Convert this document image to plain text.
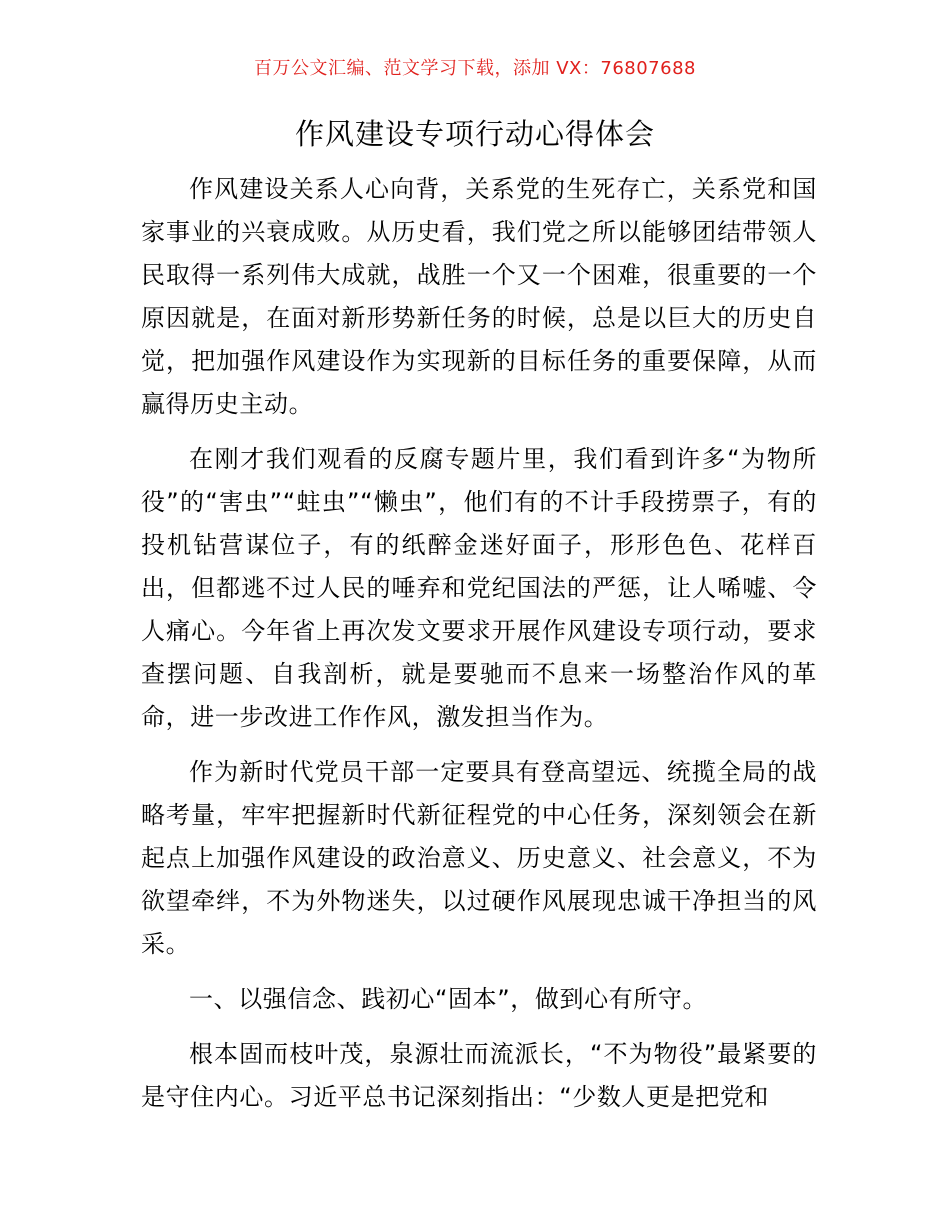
百万公文汇编、范文学习下载，添加 VX：76807688
作风建设专项行动心得体会

作风建设关系人心向背，关系党的生死存亡，关系党和国家事业的兴衰成败。从历史看，我们党之所以能够团结带领人民取得一系列伟大成就，战胜一个又一个困难，很重要的一个原因就是，在面对新形势新任务的时候，总是以巨大的历史自觉，把加强作风建设作为实现新的目标任务的重要保障，从而赢得历史主动。

在刚才我们观看的反腐专题片里，我们看到许多“为物所役”的“害虫”“蛀虫”“懒虫”，他们有的不计手段捞票子，有的投机钻营谋位子，有的纸醉金迷好面子，形形色色、花样百出，但都逃不过人民的唾弃和党纪国法的严惩，让人唏嘘、令人痛心。今年省上再次发文要求开展作风建设专项行动，要求查摆问题、自我剖析，就是要驰而不息来一场整治作风的革命，进一步改进工作作风，激发担当作为。

作为新时代党员干部一定要具有登高望远、统揽全局的战略考量，牢牢把握新时代新征程党的中心任务，深刻领会在新起点上加强作风建设的政治意义、历史意义、社会意义，不为欲望牵绊，不为外物迷失，以过硬作风展现忠诚干净担当的风采。

一、以强信念、践初心“固本”，做到心有所守。

根本固而枝叶茂，泉源壮而流派长，“不为物役”最紧要的是守住内心。习近平总书记深刻指出：“少数人更是把党和
